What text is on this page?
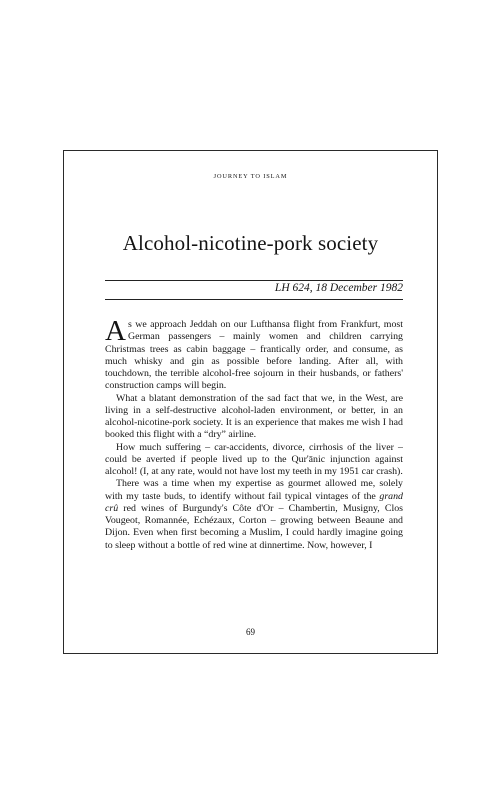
JOURNEY TO ISLAM
Alcohol-nicotine-pork society
LH 624, 18 December 1982

As we approach Jeddah on our Lufthansa flight from Frankfurt, most German passengers – mainly women and children carrying Christmas trees as cabin baggage – frantically order, and consume, as much whisky and gin as possible before landing. After all, with touchdown, the terrible alcohol-free sojourn in their husbands, or fathers' construction camps will begin.

What a blatant demonstration of the sad fact that we, in the West, are living in a self-destructive alcohol-laden environment, or better, in an alcohol-nicotine-pork society. It is an experience that makes me wish I had booked this flight with a “dry” airline.

How much suffering – car-accidents, divorce, cirrhosis of the liver – could be averted if people lived up to the Qur'ānic injunction against alcohol! (I, at any rate, would not have lost my teeth in my 1951 car crash).

There was a time when my expertise as gourmet allowed me, solely with my taste buds, to identify without fail typical vintages of the grand crû red wines of Burgundy's Côte d'Or – Chambertin, Musigny, Clos Vougeot, Romannée, Echézaux, Corton – growing between Beaune and Dijon. Even when first becoming a Muslim, I could hardly imagine going to sleep without a bottle of red wine at dinnertime. Now, however, I

69
